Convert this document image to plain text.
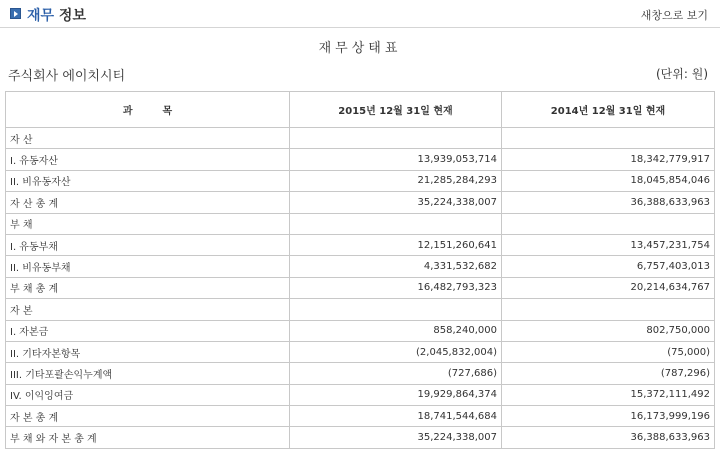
재무 정보	새창으로 보기
재무상태표
주식회사 에이치시티	(단위: 원)
과　　　목	2015년 12월 31일 현재	2014년 12월 31일 현재
자 산		
I. 유동자산	13,939,053,714	18,342,779,917
II. 비유동자산	21,285,284,293	18,045,854,046
자 산 총 계	35,224,338,007	36,388,633,963
부 채		
I. 유동부채	12,151,260,641	13,457,231,754
II. 비유동부채	4,331,532,682	6,757,403,013
부 채 총 계	16,482,793,323	20,214,634,767
자 본		
I. 자본금	858,240,000	802,750,000
II. 기타자본항목	(2,045,832,004)	(75,000)
III. 기타포괄손익누계액	(727,686)	(787,296)
IV. 이익잉여금	19,929,864,374	15,372,111,492
자 본 총 계	18,741,544,684	16,173,999,196
부 채 와 자 본 총 계	35,224,338,007	36,388,633,963
